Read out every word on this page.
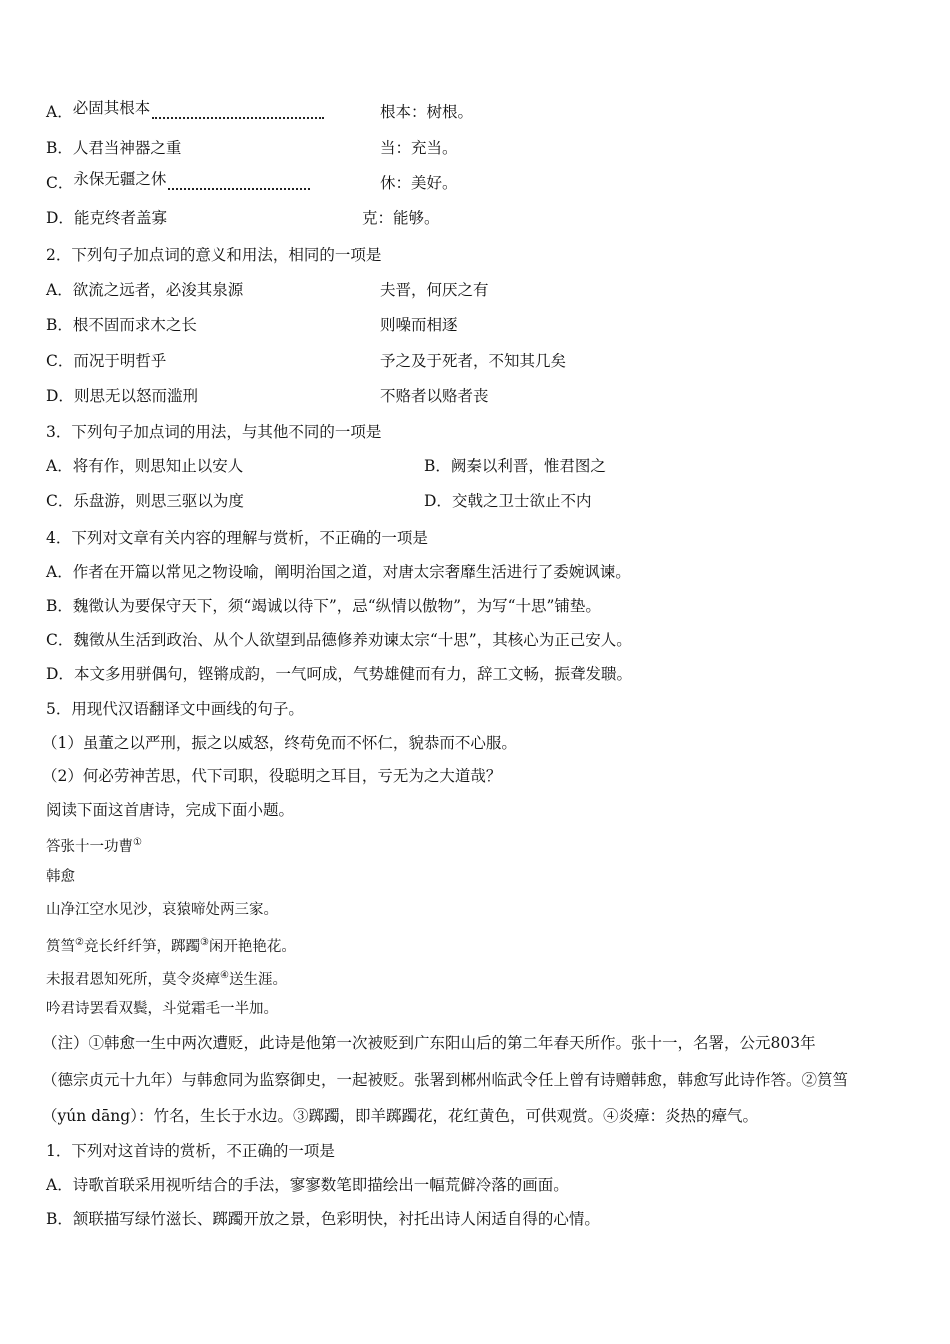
A．必固其根本	根本：树根。
B．人君当神器之重	当：充当。
C．永保无疆之休	休：美好。
D．能克终者盖寡	克：能够。
2．下列句子加点词的意义和用法，相同的一项是
A．欲流之远者，必浚其泉源	夫晋，何厌之有
B．根不固而求木之长	则噪而相逐
C．而况于明哲乎	予之及于死者，不知其几矣
D．则思无以怒而滥刑	不赂者以赂者丧
3．下列句子加点词的用法，与其他不同的一项是
A．将有作，则思知止以安人	B．阙秦以利晋，惟君图之
C．乐盘游，则思三驱以为度	D．交戟之卫士欲止不内
4．下列对文章有关内容的理解与赏析，不正确的一项是
A．作者在开篇以常见之物设喻，阐明治国之道，对唐太宗奢靡生活进行了委婉讽谏。
B．魏徵认为要保守天下，须“竭诚以待下”，忌“纵情以傲物”，为写“十思”铺垫。
C．魏徵从生活到政治、从个人欲望到品德修养劝谏太宗“十思”，其核心为正己安人。
D．本文多用骈偶句，铿锵成韵，一气呵成，气势雄健而有力，辞工文畅，振聋发聩。
5．用现代汉语翻译文中画线的句子。
（1）虽董之以严刑，振之以威怒，终苟免而不怀仁，貌恭而不心服。
（2）何必劳神苦思，代下司职，役聪明之耳目，亏无为之大道哉？
阅读下面这首唐诗，完成下面小题。
答张十一功曹①
韩愈
山净江空水见沙，哀猿啼处两三家。
筼筜②竞长纤纤笋，踯躅③闲开艳艳花。
未报君恩知死所，莫令炎瘴④送生涯。
吟君诗罢看双鬓，斗觉霜毛一半加。
（注）①韩愈一生中两次遭贬，此诗是他第一次被贬到广东阳山后的第二年春天所作。张十一，名署，公元803年
（德宗贞元十九年）与韩愈同为监察御史，一起被贬。张署到郴州临武令任上曾有诗赠韩愈，韩愈写此诗作答。②筼筜
（yún dāng）：竹名，生长于水边。③踯躅，即羊踯躅花，花红黄色，可供观赏。④炎瘴：炎热的瘴气。
1．下列对这首诗的赏析，不正确的一项是
A．诗歌首联采用视听结合的手法，寥寥数笔即描绘出一幅荒僻冷落的画面。
B．颔联描写绿竹滋长、踯躅开放之景，色彩明快，衬托出诗人闲适自得的心情。
